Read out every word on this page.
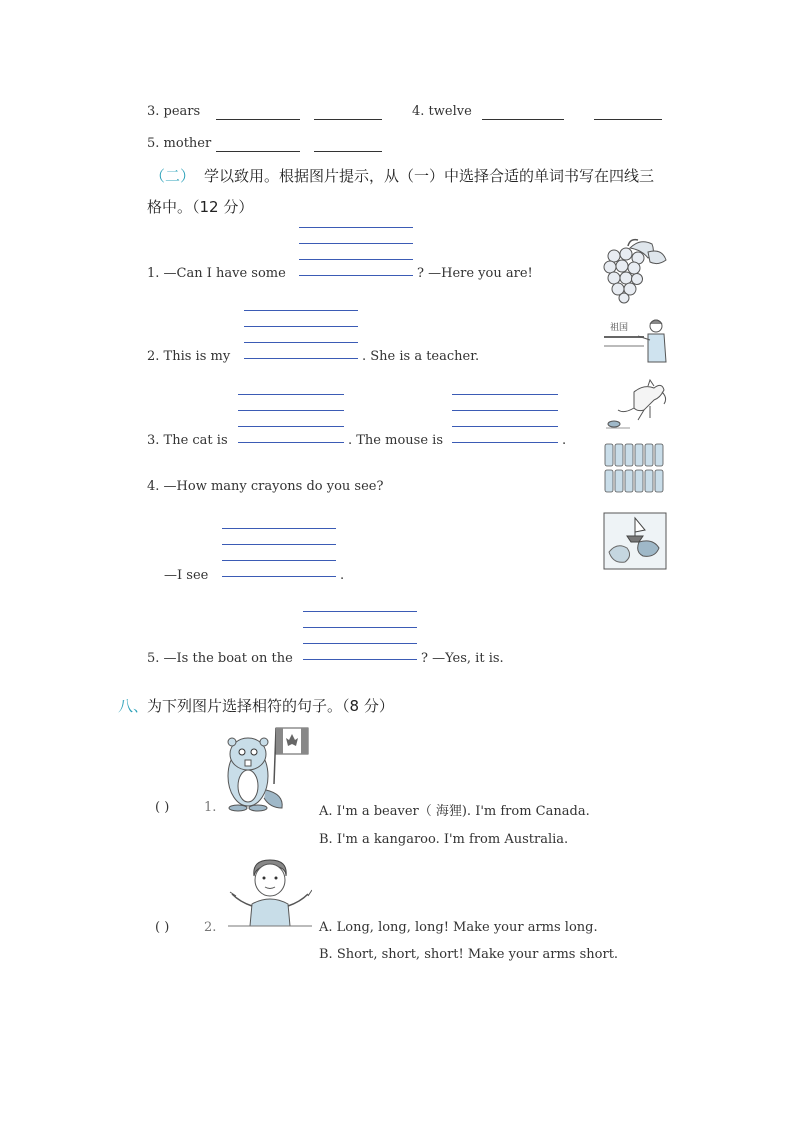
3. pears	4. twelve
5. mother
（二） 学以致用。根据图片提示，从（一）中选择合适的单词书写在四线三
格中。（12 分）
1. —Can I have some	? —Here you are!
2. This is my	. She is a teacher.
祖国
3. The cat is	. The mouse is	.
4. —How many crayons do you see?
—I see	.
5. —Is the boat on the	? —Yes, it is.
八、
为下列图片选择相符的句子。（8 分）
( )	1.	A. I'm a beaver（ 海狸). I'm from Canada.
B. I'm a kangaroo. I'm from Australia.
( )	2.	A. Long, long, long! Make your arms long.
B. Short, short, short! Make your arms short.
